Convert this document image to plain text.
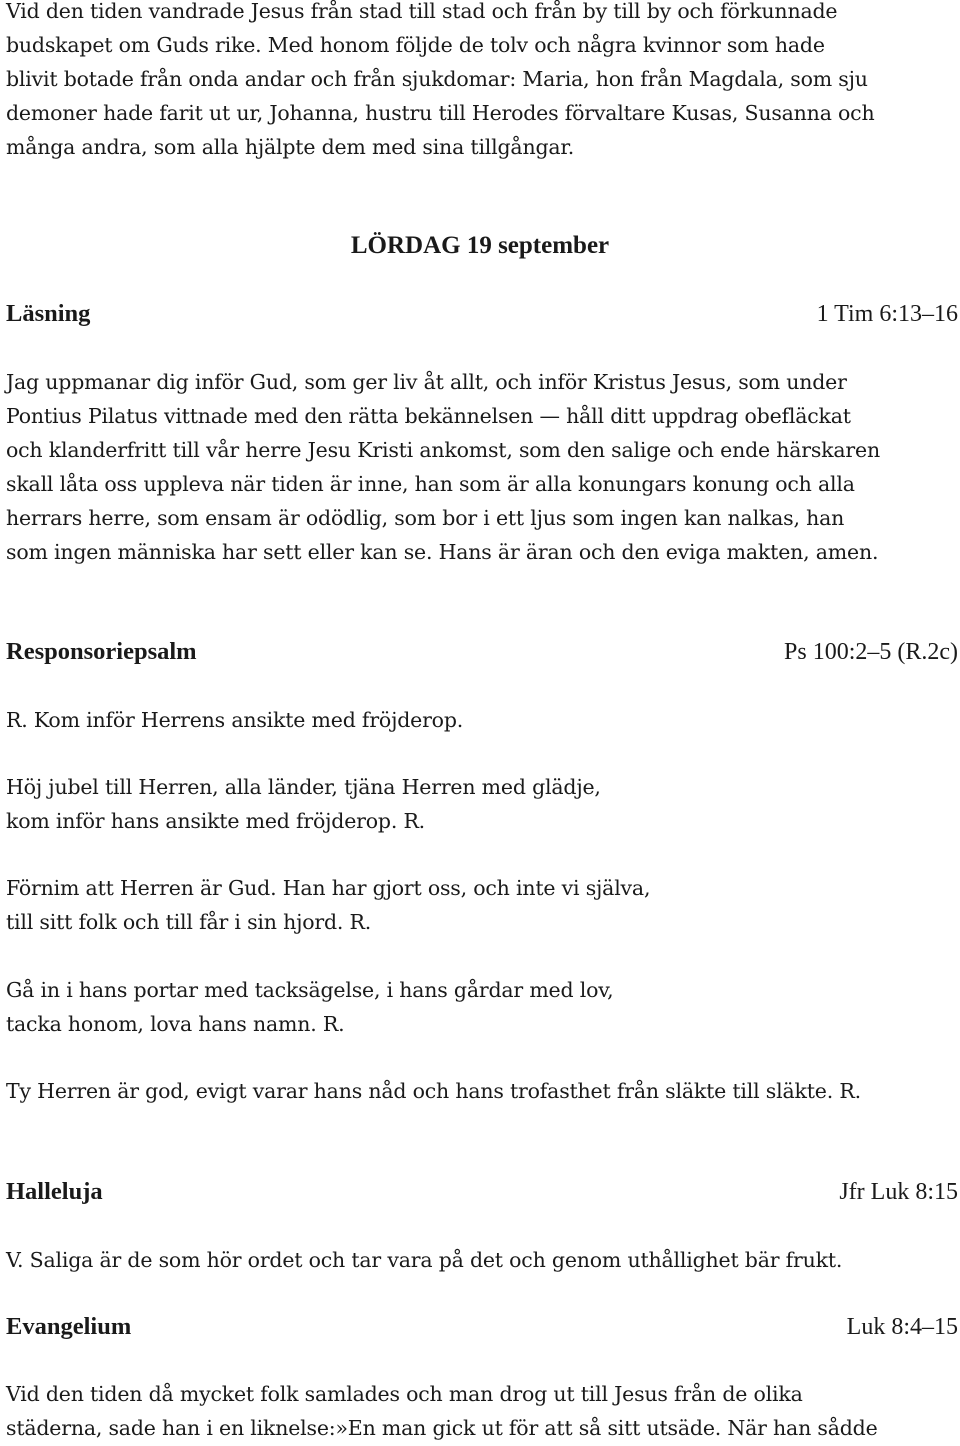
Vid den tiden vandrade Jesus från stad till stad och från by till by och förkunnade
budskapet om Guds rike. Med honom följde de tolv och några kvinnor som hade
blivit botade från onda andar och från sjukdomar: Maria, hon från Magdala, som sju
demoner hade farit ut ur, Johanna, hustru till Herodes förvaltare Kusas, Susanna och
många andra, som alla hjälpte dem med sina tillgångar.
LÖRDAG 19 september
Läsning	1 Tim 6:13–16
Jag uppmanar dig inför Gud, som ger liv åt allt, och inför Kristus Jesus, som under
Pontius Pilatus vittnade med den rätta bekännelsen — håll ditt uppdrag obefläckat
och klanderfritt till vår herre Jesu Kristi ankomst, som den salige och ende härskaren
skall låta oss uppleva när tiden är inne, han som är alla konungars konung och alla
herrars herre, som ensam är odödlig, som bor i ett ljus som ingen kan nalkas, han
som ingen människa har sett eller kan se. Hans är äran och den eviga makten, amen.
Responsoriepsalm	Ps 100:2–5 (R.2c)
R. Kom inför Herrens ansikte med fröjderop.
Höj jubel till Herren, alla länder, tjäna Herren med glädje,
kom inför hans ansikte med fröjderop. R.
Förnim att Herren är Gud. Han har gjort oss, och inte vi själva,
till sitt folk och till får i sin hjord. R.
Gå in i hans portar med tacksägelse, i hans gårdar med lov,
tacka honom, lova hans namn. R.
Ty Herren är god, evigt varar hans nåd och hans trofasthet från släkte till släkte. R.
Halleluja	Jfr Luk 8:15
V. Saliga är de som hör ordet och tar vara på det och genom uthållighet bär frukt.
Evangelium	Luk 8:4–15
Vid den tiden då mycket folk samlades och man drog ut till Jesus från de olika
städerna, sade han i en liknelse:»En man gick ut för att så sitt utsäde. När han sådde
